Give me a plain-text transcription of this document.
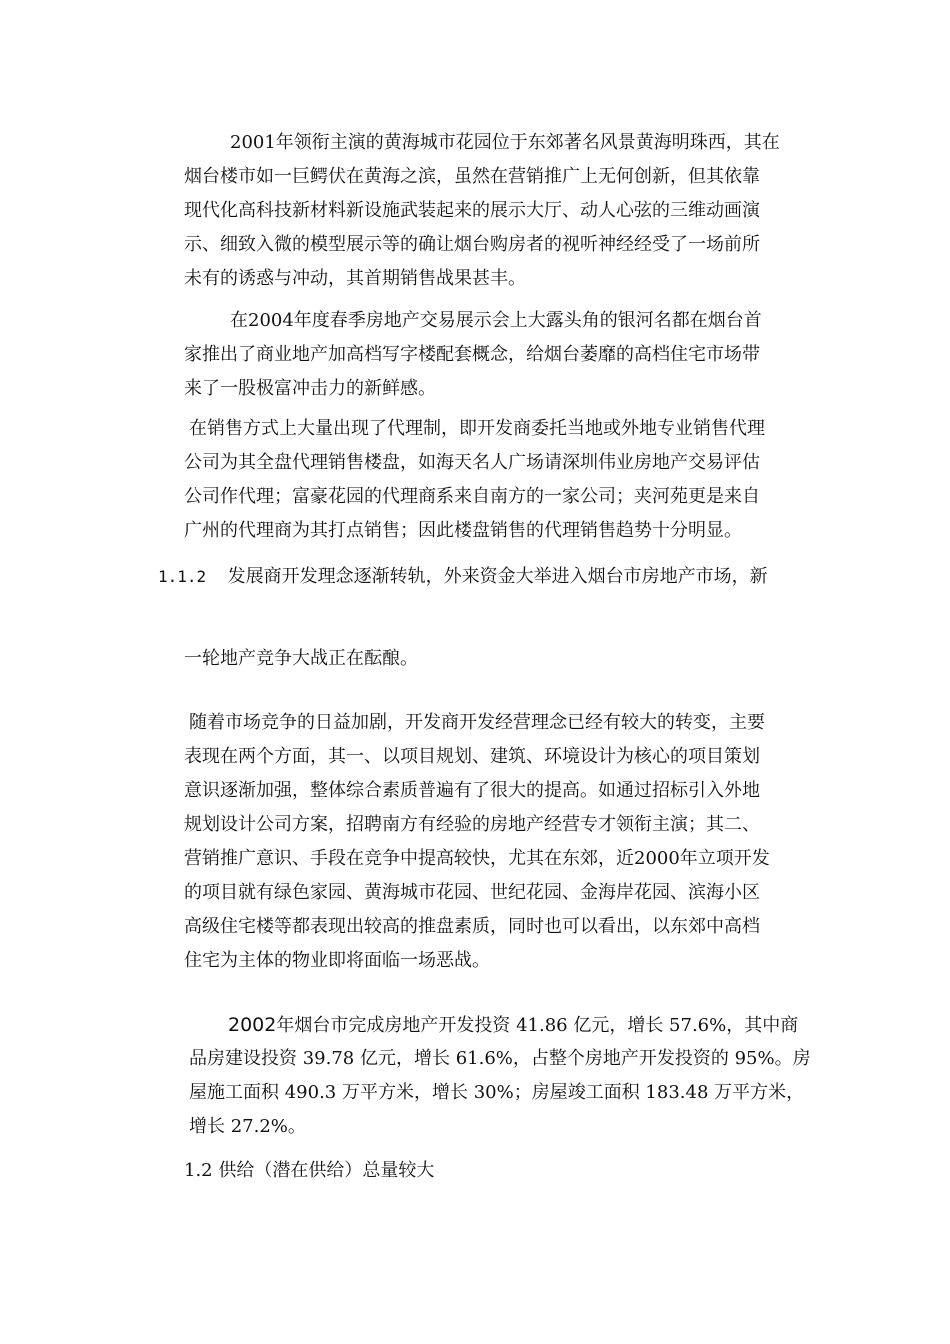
2001年领衔主演的黄海城市花园位于东郊著名风景黄海明珠西，其在
烟台楼市如一巨鳄伏在黄海之滨，虽然在营销推广上无何创新，但其依靠
现代化高科技新材料新设施武装起来的展示大厅、动人心弦的三维动画演
示、细致入微的模型展示等的确让烟台购房者的视听神经经受了一场前所
未有的诱惑与冲动，其首期销售战果甚丰。
在2004年度春季房地产交易展示会上大露头角的银河名都在烟台首
家推出了商业地产加高档写字楼配套概念，给烟台萎靡的高档住宅市场带
来了一股极富冲击力的新鲜感。
在销售方式上大量出现了代理制，即开发商委托当地或外地专业销售代理
公司为其全盘代理销售楼盘，如海天名人广场请深圳伟业房地产交易评估
公司作代理；富豪花园的代理商系来自南方的一家公司；夹河苑更是来自
广州的代理商为其打点销售；因此楼盘销售的代理销售趋势十分明显。
1.1.2 发展商开发理念逐渐转轨，外来资金大举进入烟台市房地产市场，新
一轮地产竞争大战正在酝酿。
随着市场竞争的日益加剧，开发商开发经营理念已经有较大的转变，主要
表现在两个方面，其一、以项目规划、建筑、环境设计为核心的项目策划
意识逐渐加强，整体综合素质普遍有了很大的提高。如通过招标引入外地
规划设计公司方案，招聘南方有经验的房地产经营专才领衔主演；其二、
营销推广意识、手段在竞争中提高较快，尤其在东郊，近2000年立项开发
的项目就有绿色家园、黄海城市花园、世纪花园、金海岸花园、滨海小区
高级住宅楼等都表现出较高的推盘素质，同时也可以看出，以东郊中高档
住宅为主体的物业即将面临一场恶战。
2002年烟台市完成房地产开发投资 41.86 亿元，增长 57.6%，其中商
品房建设投资 39.78 亿元，增长 61.6%，占整个房地产开发投资的 95%。房
屋施工面积 490.3 万平方米，增长 30%；房屋竣工面积 183.48 万平方米，
增长 27.2%。
1.2 供给（潜在供给）总量较大
